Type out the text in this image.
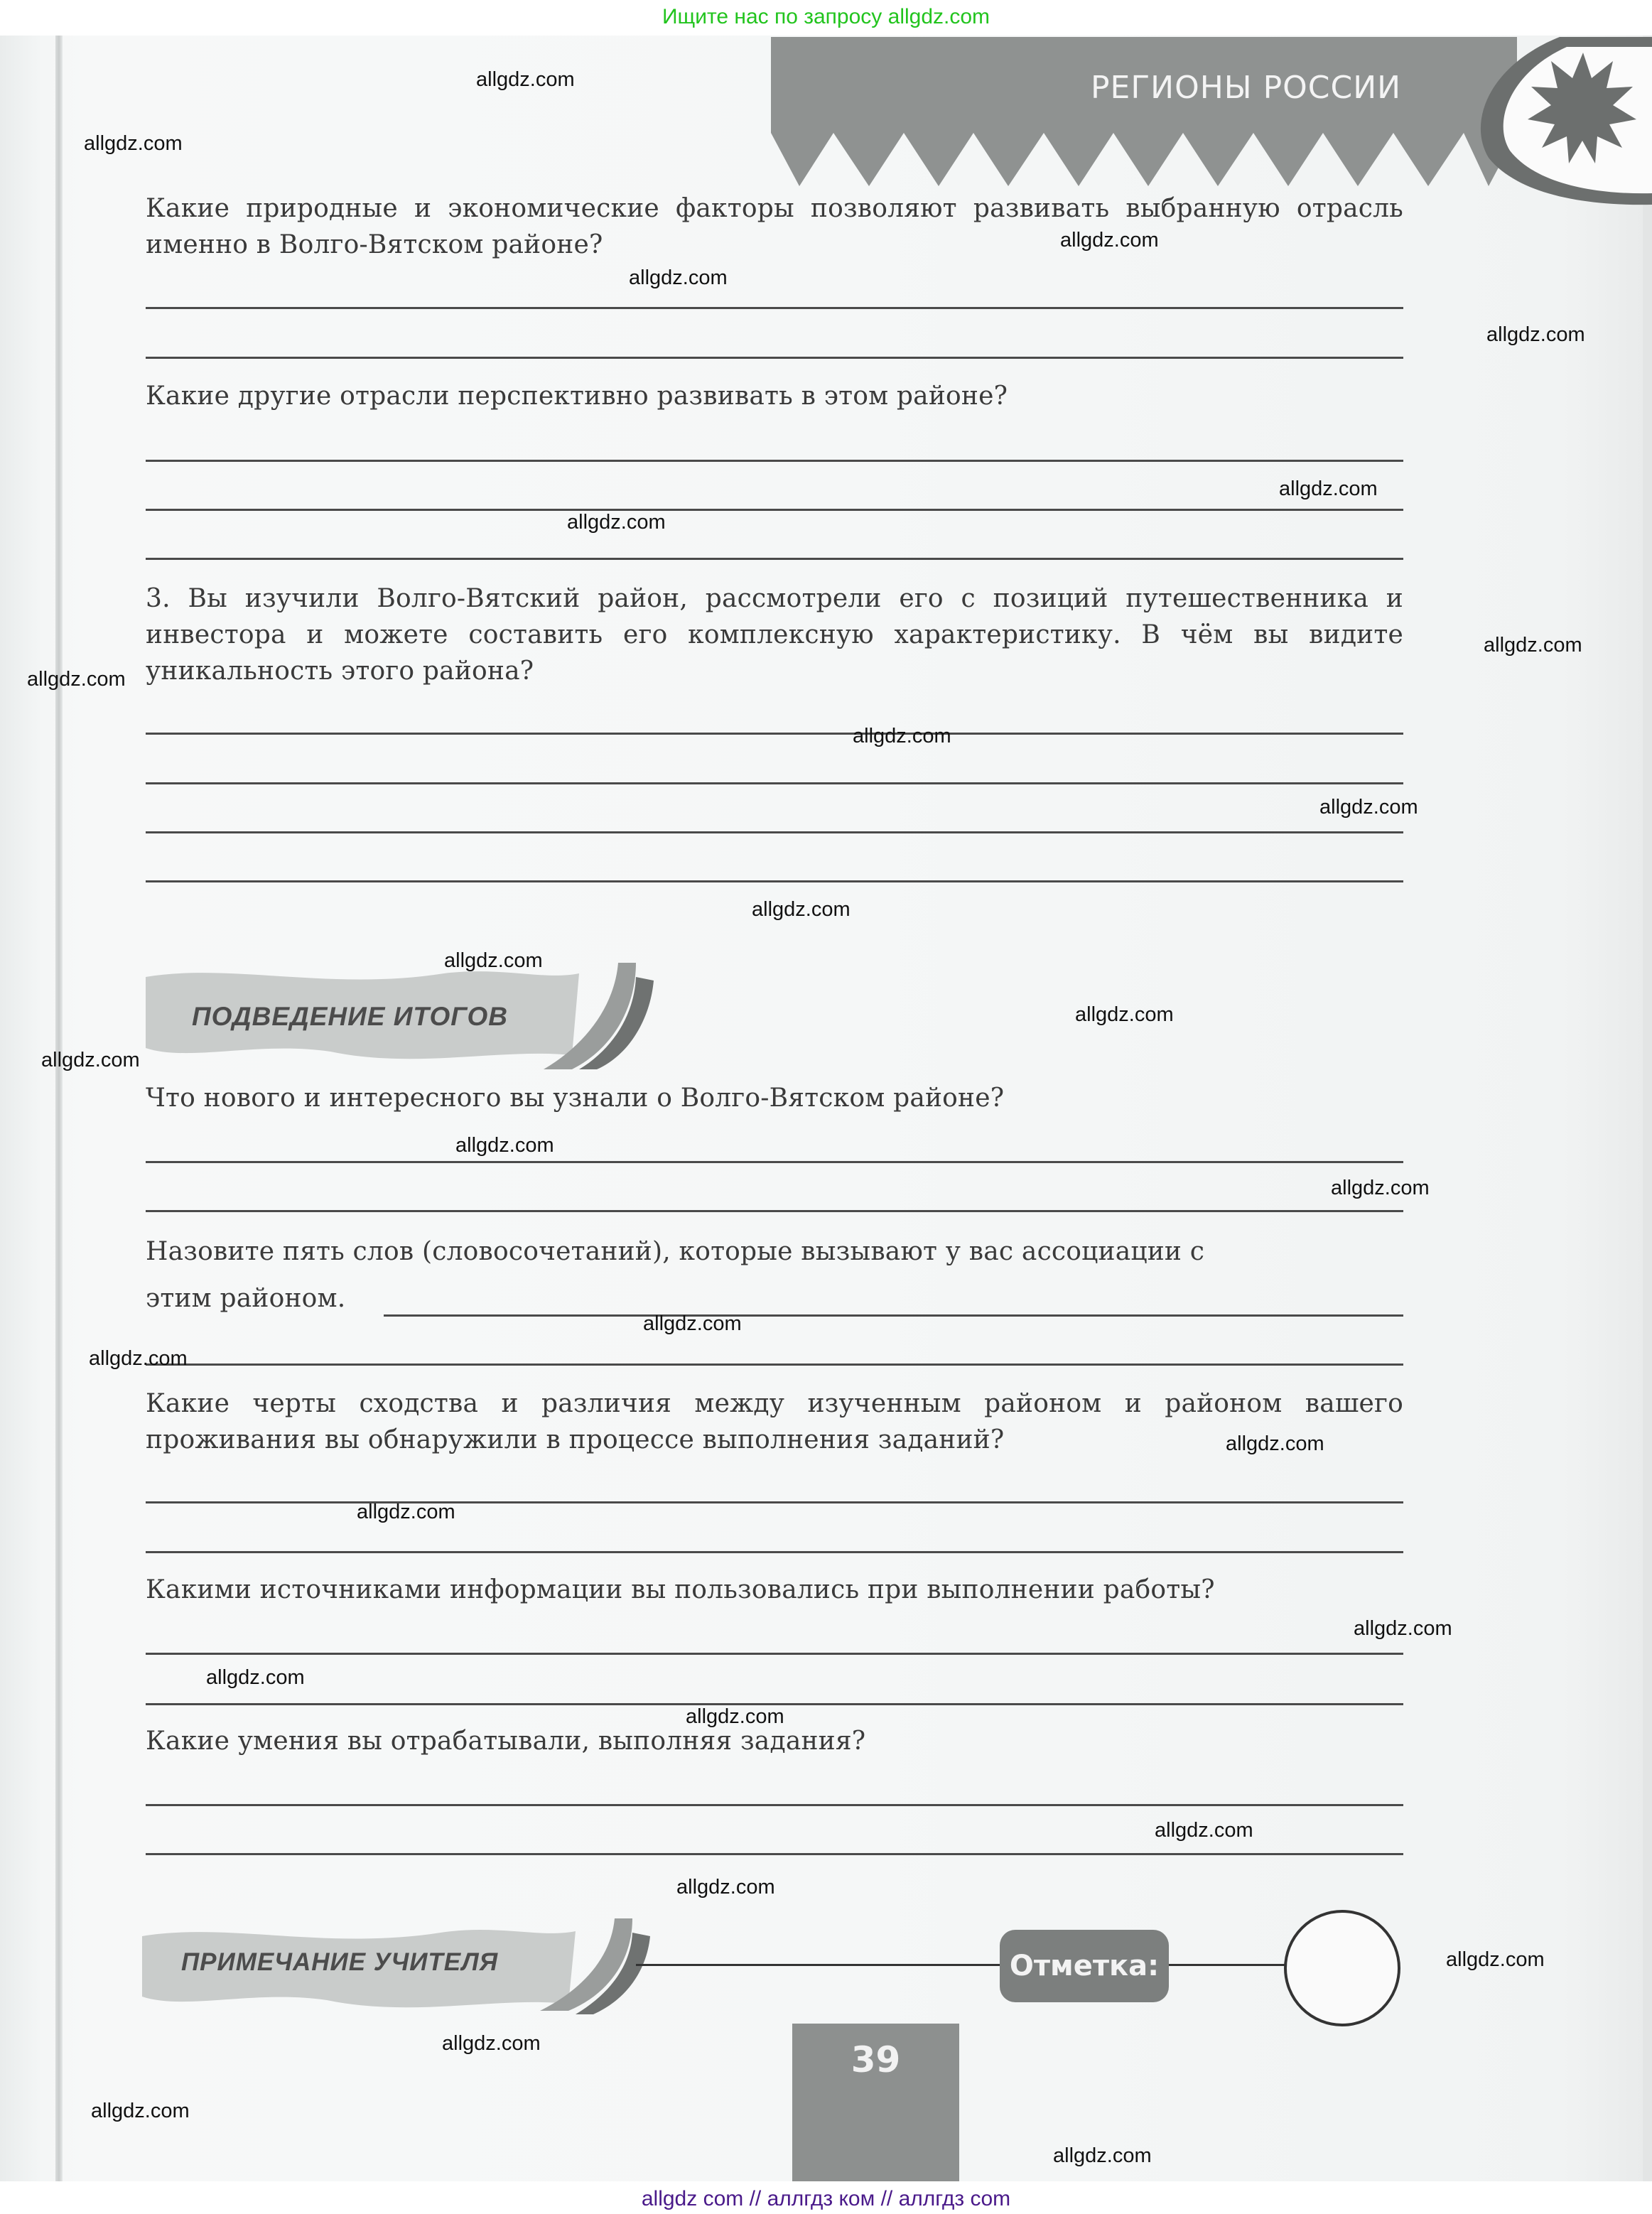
Ищите нас по запросу allgdz.com
РЕГИОНЫ РОССИИ
Какие природные и экономические факторы позволяют развивать выбранную отрасль именно в Волго-Вятском районе?
Какие другие отрасли перспективно развивать в этом районе?
3. Вы изучили Волго-Вятский район, рассмотрели его с позиций путешественника и инвестора и можете составить его комплексную характеристику. В чём вы видите уникальность этого района?
ПОДВЕДЕНИЕ ИТОГОВ
Что нового и интересного вы узнали о Волго-Вятском районе?
Назовите пять слов (словосочетаний), которые вызывают у вас ассоциации с
этим районом.
Какие черты сходства и различия между изученным районом и районом вашего проживания вы обнаружили в процессе выполнения заданий?
Какими источниками информации вы пользовались при выполнении работы?
Какие умения вы отрабатывали, выполняя задания?
ПРИМЕЧАНИЕ УЧИТЕЛЯ	Отметка:
39
allgdz.com
allgdz.com
allgdz.com
allgdz.com
allgdz.com
allgdz.com
allgdz.com
allgdz.com
allgdz.com
allgdz.com
allgdz.com
allgdz.com
allgdz.com
allgdz.com
allgdz.com
allgdz.com
allgdz.com
allgdz.com
allgdz.com
allgdz.com
allgdz.com
allgdz.com
allgdz.com
allgdz.com
allgdz.com
allgdz.com
allgdz.com
allgdz.com
allgdz.com
allgdz.com
allgdz com // аллгдз ком // аллгдз com
